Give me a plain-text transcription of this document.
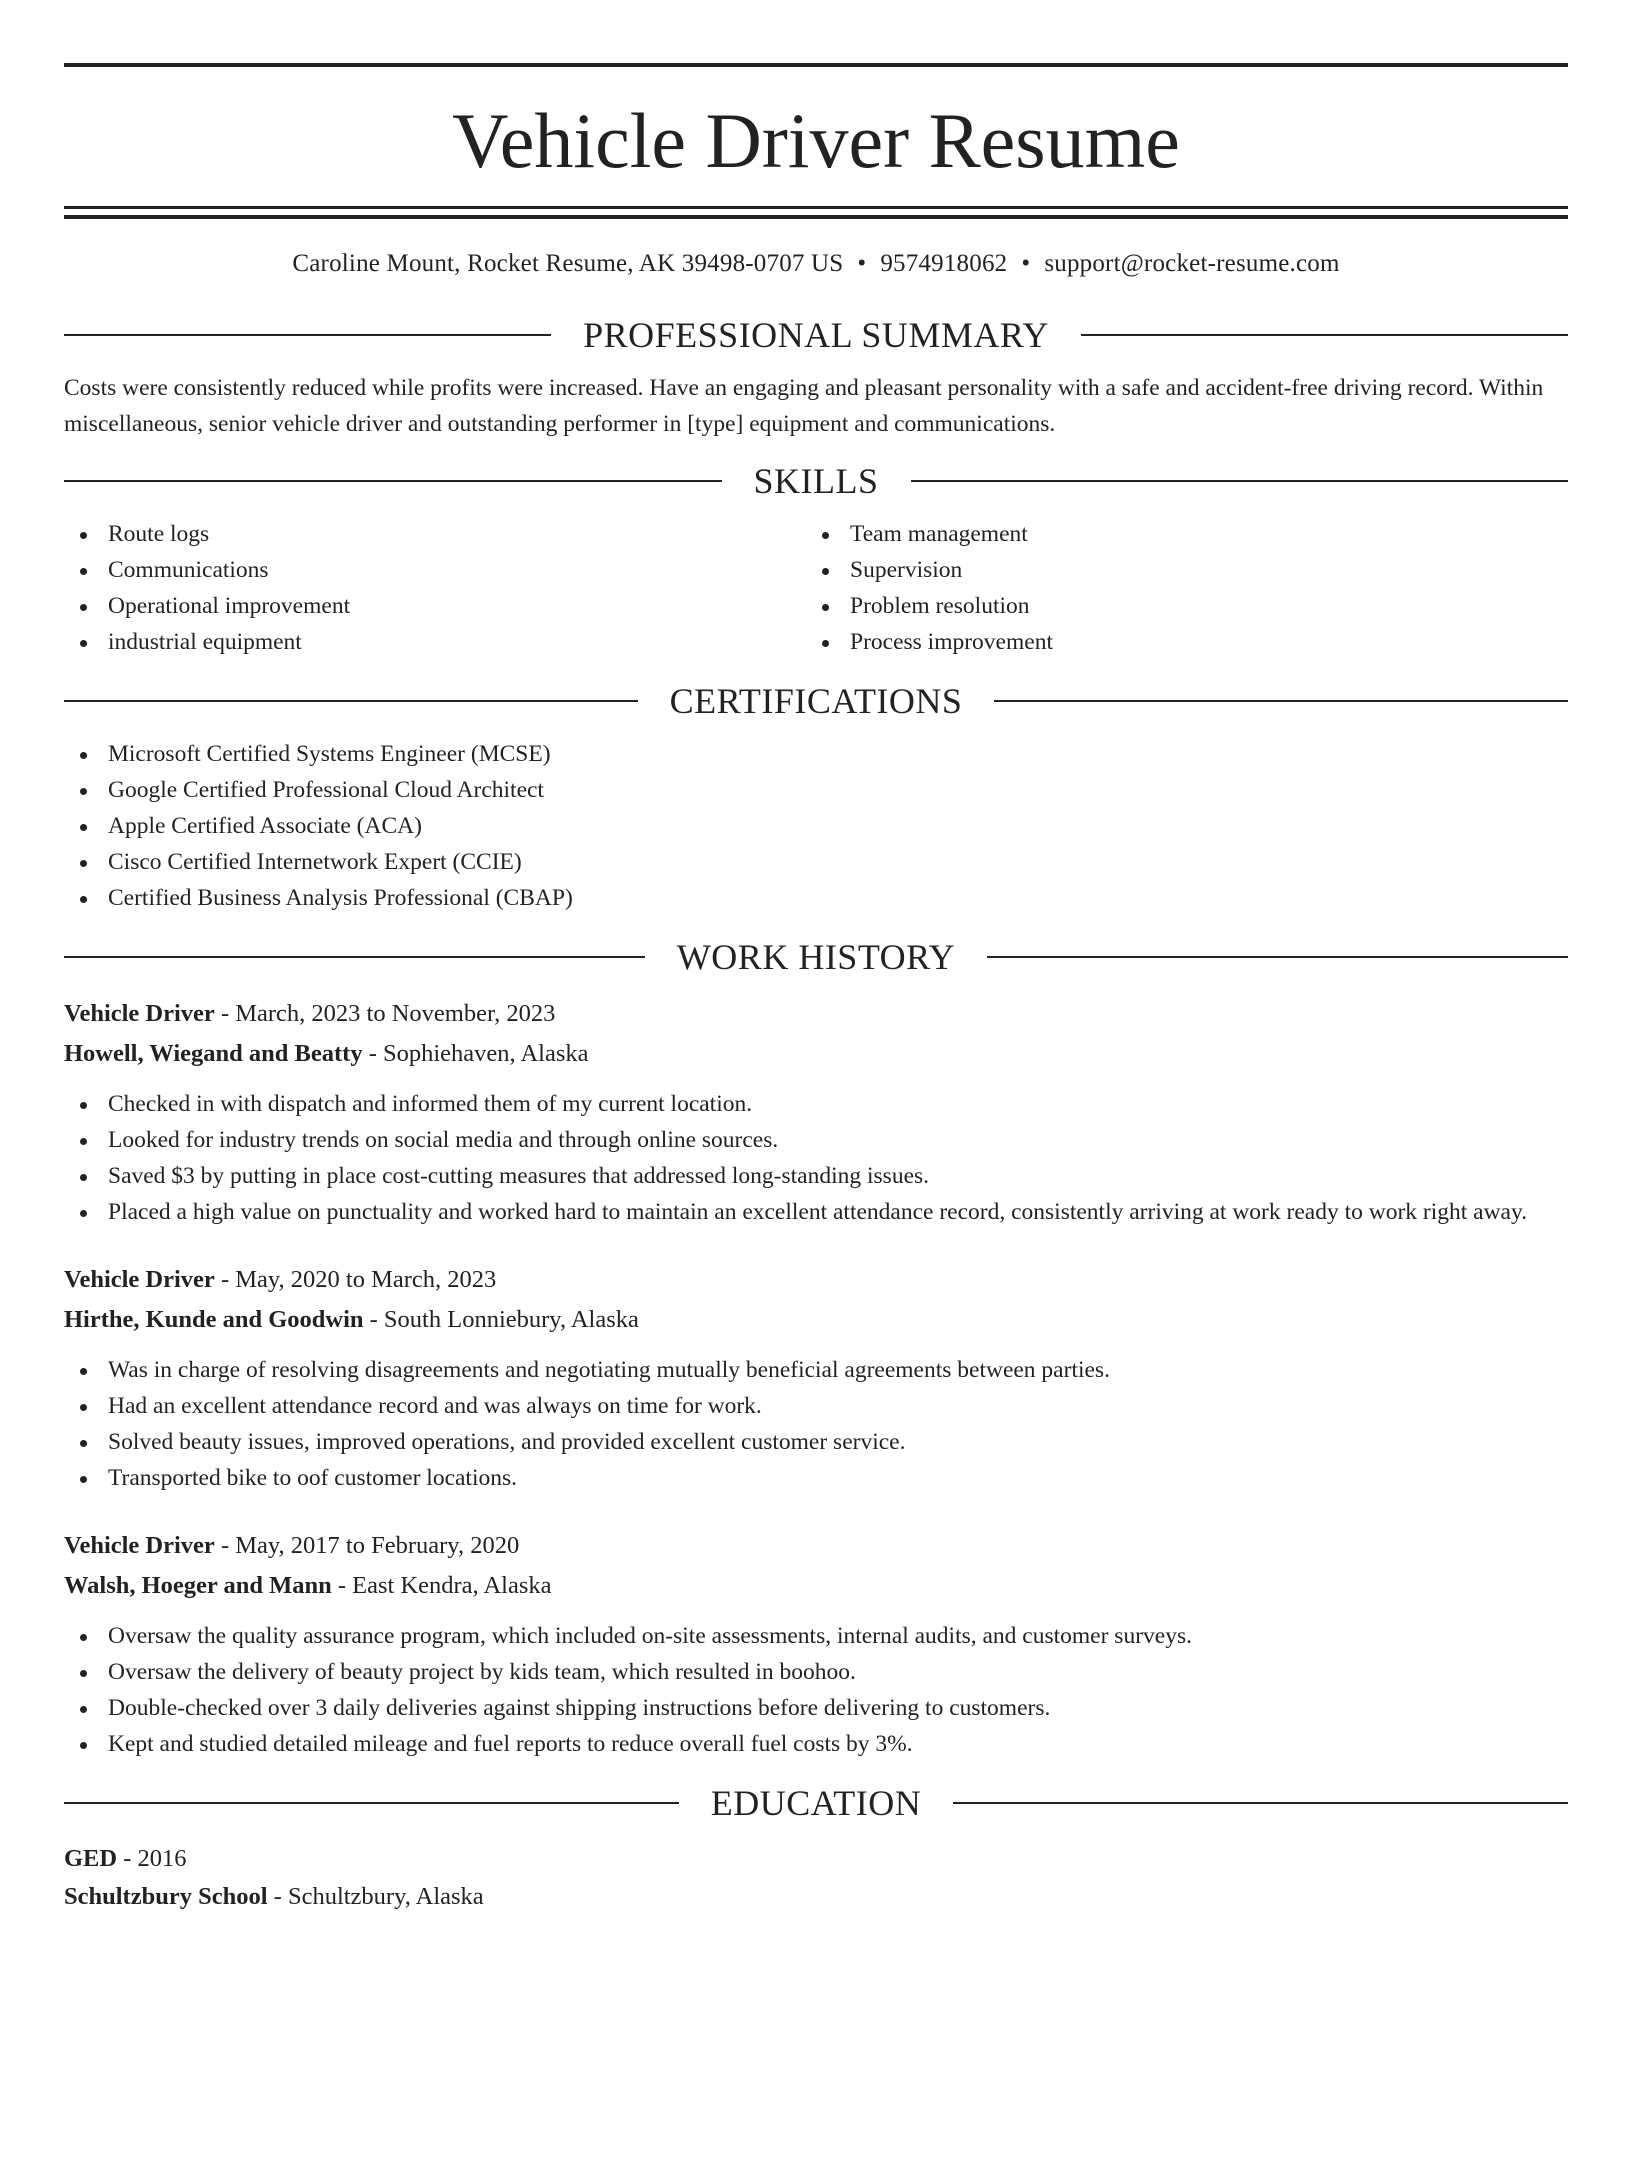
Vehicle Driver Resume
Caroline Mount, Rocket Resume, AK 39498-0707 US • 9574918062 • support@rocket-resume.com
PROFESSIONAL SUMMARY
Costs were consistently reduced while profits were increased. Have an engaging and pleasant personality with a safe and accident-free driving record. Within miscellaneous, senior vehicle driver and outstanding performer in [type] equipment and communications.
SKILLS
Route logs
Communications
Operational improvement
industrial equipment
Team management
Supervision
Problem resolution
Process improvement
CERTIFICATIONS
Microsoft Certified Systems Engineer (MCSE)
Google Certified Professional Cloud Architect
Apple Certified Associate (ACA)
Cisco Certified Internetwork Expert (CCIE)
Certified Business Analysis Professional (CBAP)
WORK HISTORY
Vehicle Driver - March, 2023 to November, 2023
Howell, Wiegand and Beatty - Sophiehaven, Alaska
Checked in with dispatch and informed them of my current location.
Looked for industry trends on social media and through online sources.
Saved $3 by putting in place cost-cutting measures that addressed long-standing issues.
Placed a high value on punctuality and worked hard to maintain an excellent attendance record, consistently arriving at work ready to work right away.
Vehicle Driver - May, 2020 to March, 2023
Hirthe, Kunde and Goodwin - South Lonniebury, Alaska
Was in charge of resolving disagreements and negotiating mutually beneficial agreements between parties.
Had an excellent attendance record and was always on time for work.
Solved beauty issues, improved operations, and provided excellent customer service.
Transported bike to oof customer locations.
Vehicle Driver - May, 2017 to February, 2020
Walsh, Hoeger and Mann - East Kendra, Alaska
Oversaw the quality assurance program, which included on-site assessments, internal audits, and customer surveys.
Oversaw the delivery of beauty project by kids team, which resulted in boohoo.
Double-checked over 3 daily deliveries against shipping instructions before delivering to customers.
Kept and studied detailed mileage and fuel reports to reduce overall fuel costs by 3%.
EDUCATION
GED - 2016
Schultzbury School - Schultzbury, Alaska
